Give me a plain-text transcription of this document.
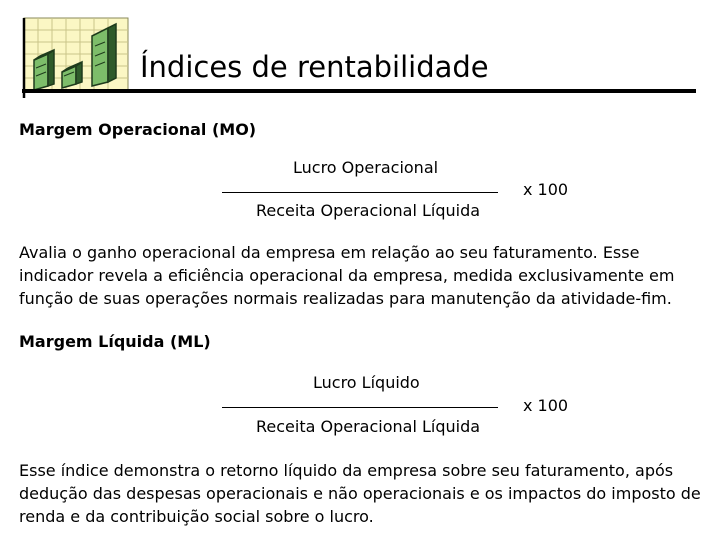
Índices de rentabilidade
Margem Operacional (MO)
Lucro Operacional
x 100
Receita Operacional Líquida
Avalia o ganho operacional da empresa em relação ao seu faturamento. Esse indicador revela a eficiência operacional da empresa, medida exclusivamente em função de suas operações normais realizadas para manutenção da atividade-fim.
Margem Líquida (ML)
Lucro Líquido
x 100
Receita Operacional Líquida
Esse índice demonstra o retorno líquido da empresa sobre seu faturamento, após dedução das despesas operacionais e não operacionais e os impactos do imposto de renda e da contribuição social sobre o lucro.
